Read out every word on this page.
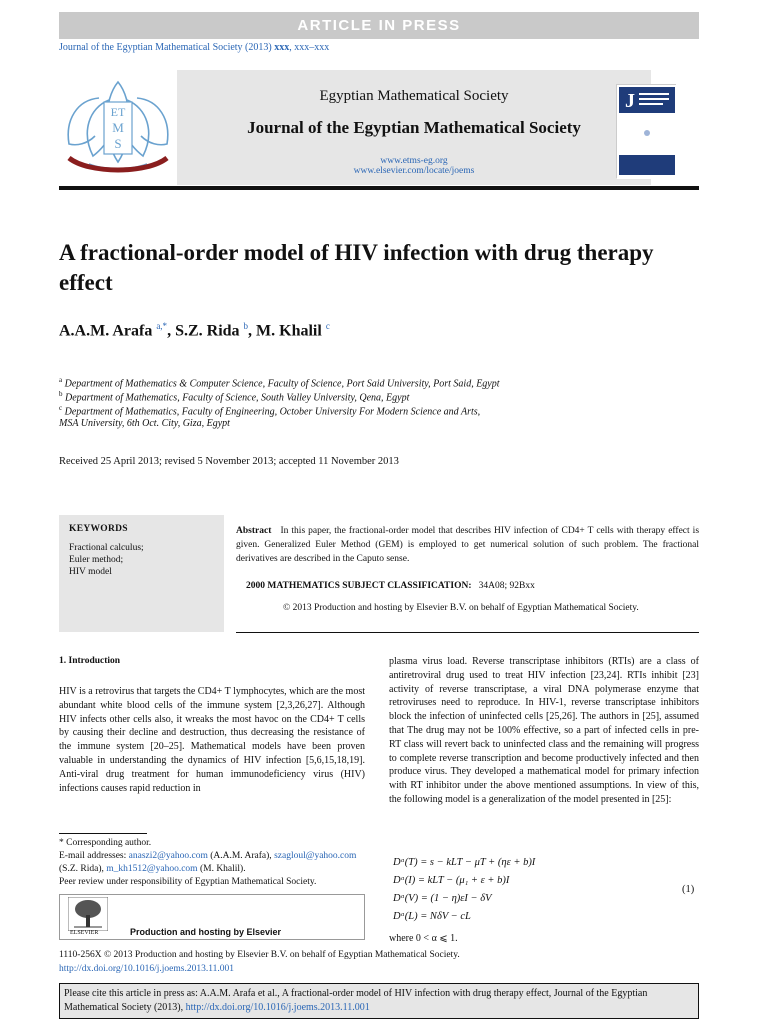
ARTICLE IN PRESS
Journal of the Egyptian Mathematical Society (2013) xxx, xxx–xxx
ET
M
S
Egyptian Mathematical Society
Journal of the Egyptian Mathematical Society
www.etms-eg.org
www.elsevier.com/locate/joems
J
A fractional-order model of HIV infection with drug therapy effect
A.A.M. Arafa $^{a,*}$, S.Z. Rida $^b$, M. Khalil $^c$
$^a$ Department of Mathematics & Computer Science, Faculty of Science, Port Said University, Port Said, Egypt
$^b$ Department of Mathematics, Faculty of Science, South Valley University, Qena, Egypt
$^c$ Department of Mathematics, Faculty of Engineering, October University For Modern Science and Arts,
MSA University, 6th Oct. City, Giza, Egypt
Received 25 April 2013; revised 5 November 2013; accepted 11 November 2013
KEYWORDS
Fractional calculus;
Euler method;
HIV model
Abstract In this paper, the fractional-order model that describes HIV infection of CD4+ T cells with therapy effect is given. Generalized Euler Method (GEM) is employed to get numerical solution of such problem. The fractional derivatives are described in the Caputo sense.
2000 MATHEMATICS SUBJECT CLASSIFICATION: 34A08; 92Bxx
© 2013 Production and hosting by Elsevier B.V. on behalf of Egyptian Mathematical Society.
1. Introduction
HIV is a retrovirus that targets the CD4+ T lymphocytes, which are the most abundant white blood cells of the immune system [2,3,26,27]. Although HIV infects other cells also, it wreaks the most havoc on the CD4+ T cells by causing their decline and destruction, thus decreasing the resistance of the immune system [20–25]. Mathematical models have been proven valuable in understanding the dynamics of HIV infection [5,6,15,18,19]. Anti-viral drug treatment for human immunodeficiency virus (HIV) infections causes rapid reduction in
plasma virus load. Reverse transcriptase inhibitors (RTIs) are a class of antiretroviral drug used to treat HIV infection [23,24]. RTIs inhibit [23] activity of reverse transcriptase, a viral DNA polymerase enzyme that retroviruses need to reproduce. In HIV-1, reverse transcriptase inhibitors block the infection of uninfected cells [25,26]. The authors in [25], assumed that The drug may not be 100% effective, so a part of infected cells in pre-RT class will revert back to uninfected class and the remaining will progress to complete reverse transcription and become productively infected and then produce virus. They developed a mathematical model for primary infection with RT inhibitor under the above mentioned assumptions. In view of this, the following model is a generalization of the model presented in [25]:
* Corresponding author.
E-mail addresses: anaszi2@yahoo.com (A.A.M. Arafa), szagloul@yahoo.com
(S.Z. Rida), m_kh1512@yahoo.com (M. Khalil).
Peer review under responsibility of Egyptian Mathematical Society.
ELSEVIER	Production and hosting by Elsevier
Dᵅ(T) = s − kLT − μT + (ηε + b)I
Dᵅ(I) = kLT − (μ₁ + ε + b)I
Dᵅ(V) = (1 − η)εI − δV
Dᵅ(L) = NδV − cL
(1)
where 0 < α ⩽ 1.
1110-256X © 2013 Production and hosting by Elsevier B.V. on behalf of Egyptian Mathematical Society.
http://dx.doi.org/10.1016/j.joems.2013.11.001
Please cite this article in press as: A.A.M. Arafa et al., A fractional-order model of HIV infection with drug therapy effect, Journal of the Egyptian Mathematical Society (2013), http://dx.doi.org/10.1016/j.joems.2013.11.001
